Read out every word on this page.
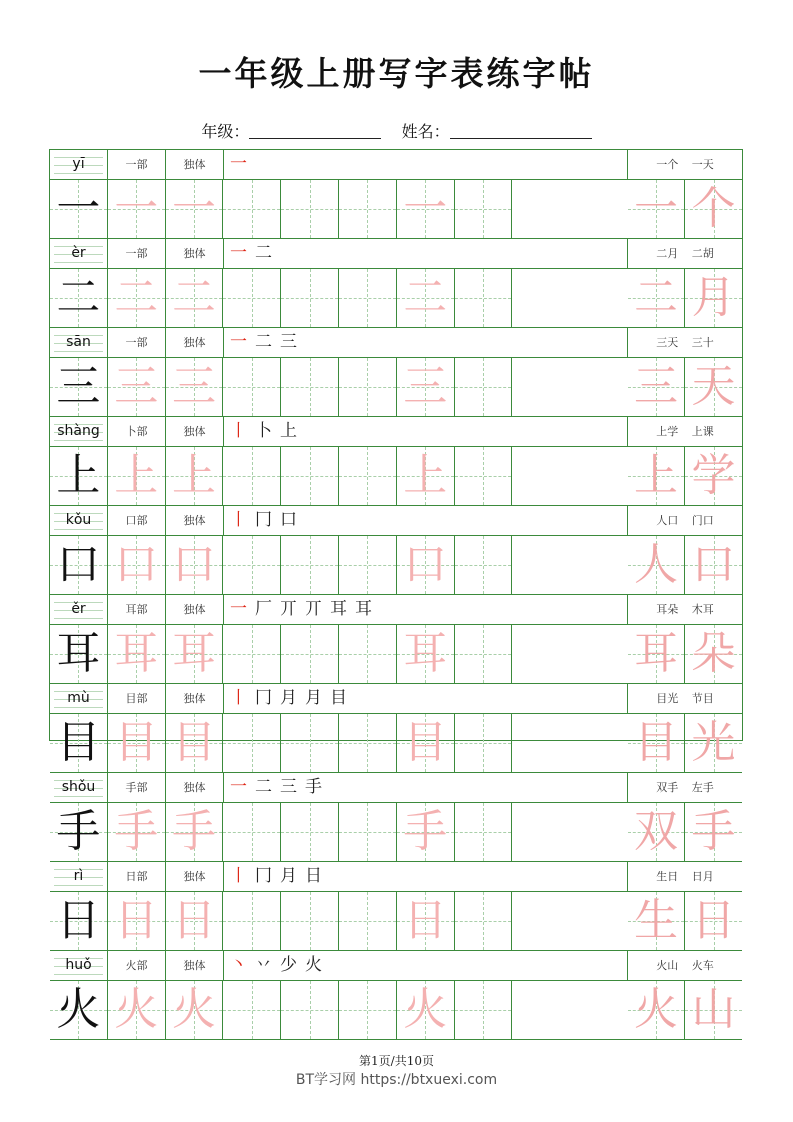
一年级上册写字表练字帖
年级：	姓名：
yī	一部	独体	一	一个 一天
一 一 一	一	一 个
èr	一部	独体	一 二	二月 二胡
二 二 二	二	二 月
sān	一部	独体	一 二 三	三天 三十
三 三 三	三	三 天
shàng	卜部	独体	丨 卜 上	上学 上课
上 上 上	上	上 学
kǒu	口部	独体	丨 冂 口	人口 门口
口 口 口	口	人 口
ěr	耳部	独体	一 厂 丌 丌 耳 耳	耳朵 木耳
耳 耳 耳	耳	耳 朵
mù	目部	独体	丨 冂 月 月 目	目光 节目
目 目 目	目	目 光
shǒu	手部	独体	一 二 三 手	双手 左手
手 手 手	手	双 手
rì	日部	独体	丨 冂 月 日	生日 日月
日 日 日	日	生 日
huǒ	火部	独体	丶 丷 少 火	火山 火车
火 火 火	火	火 山
第1页/共10页
BT学习网 https://btxuexi.com
